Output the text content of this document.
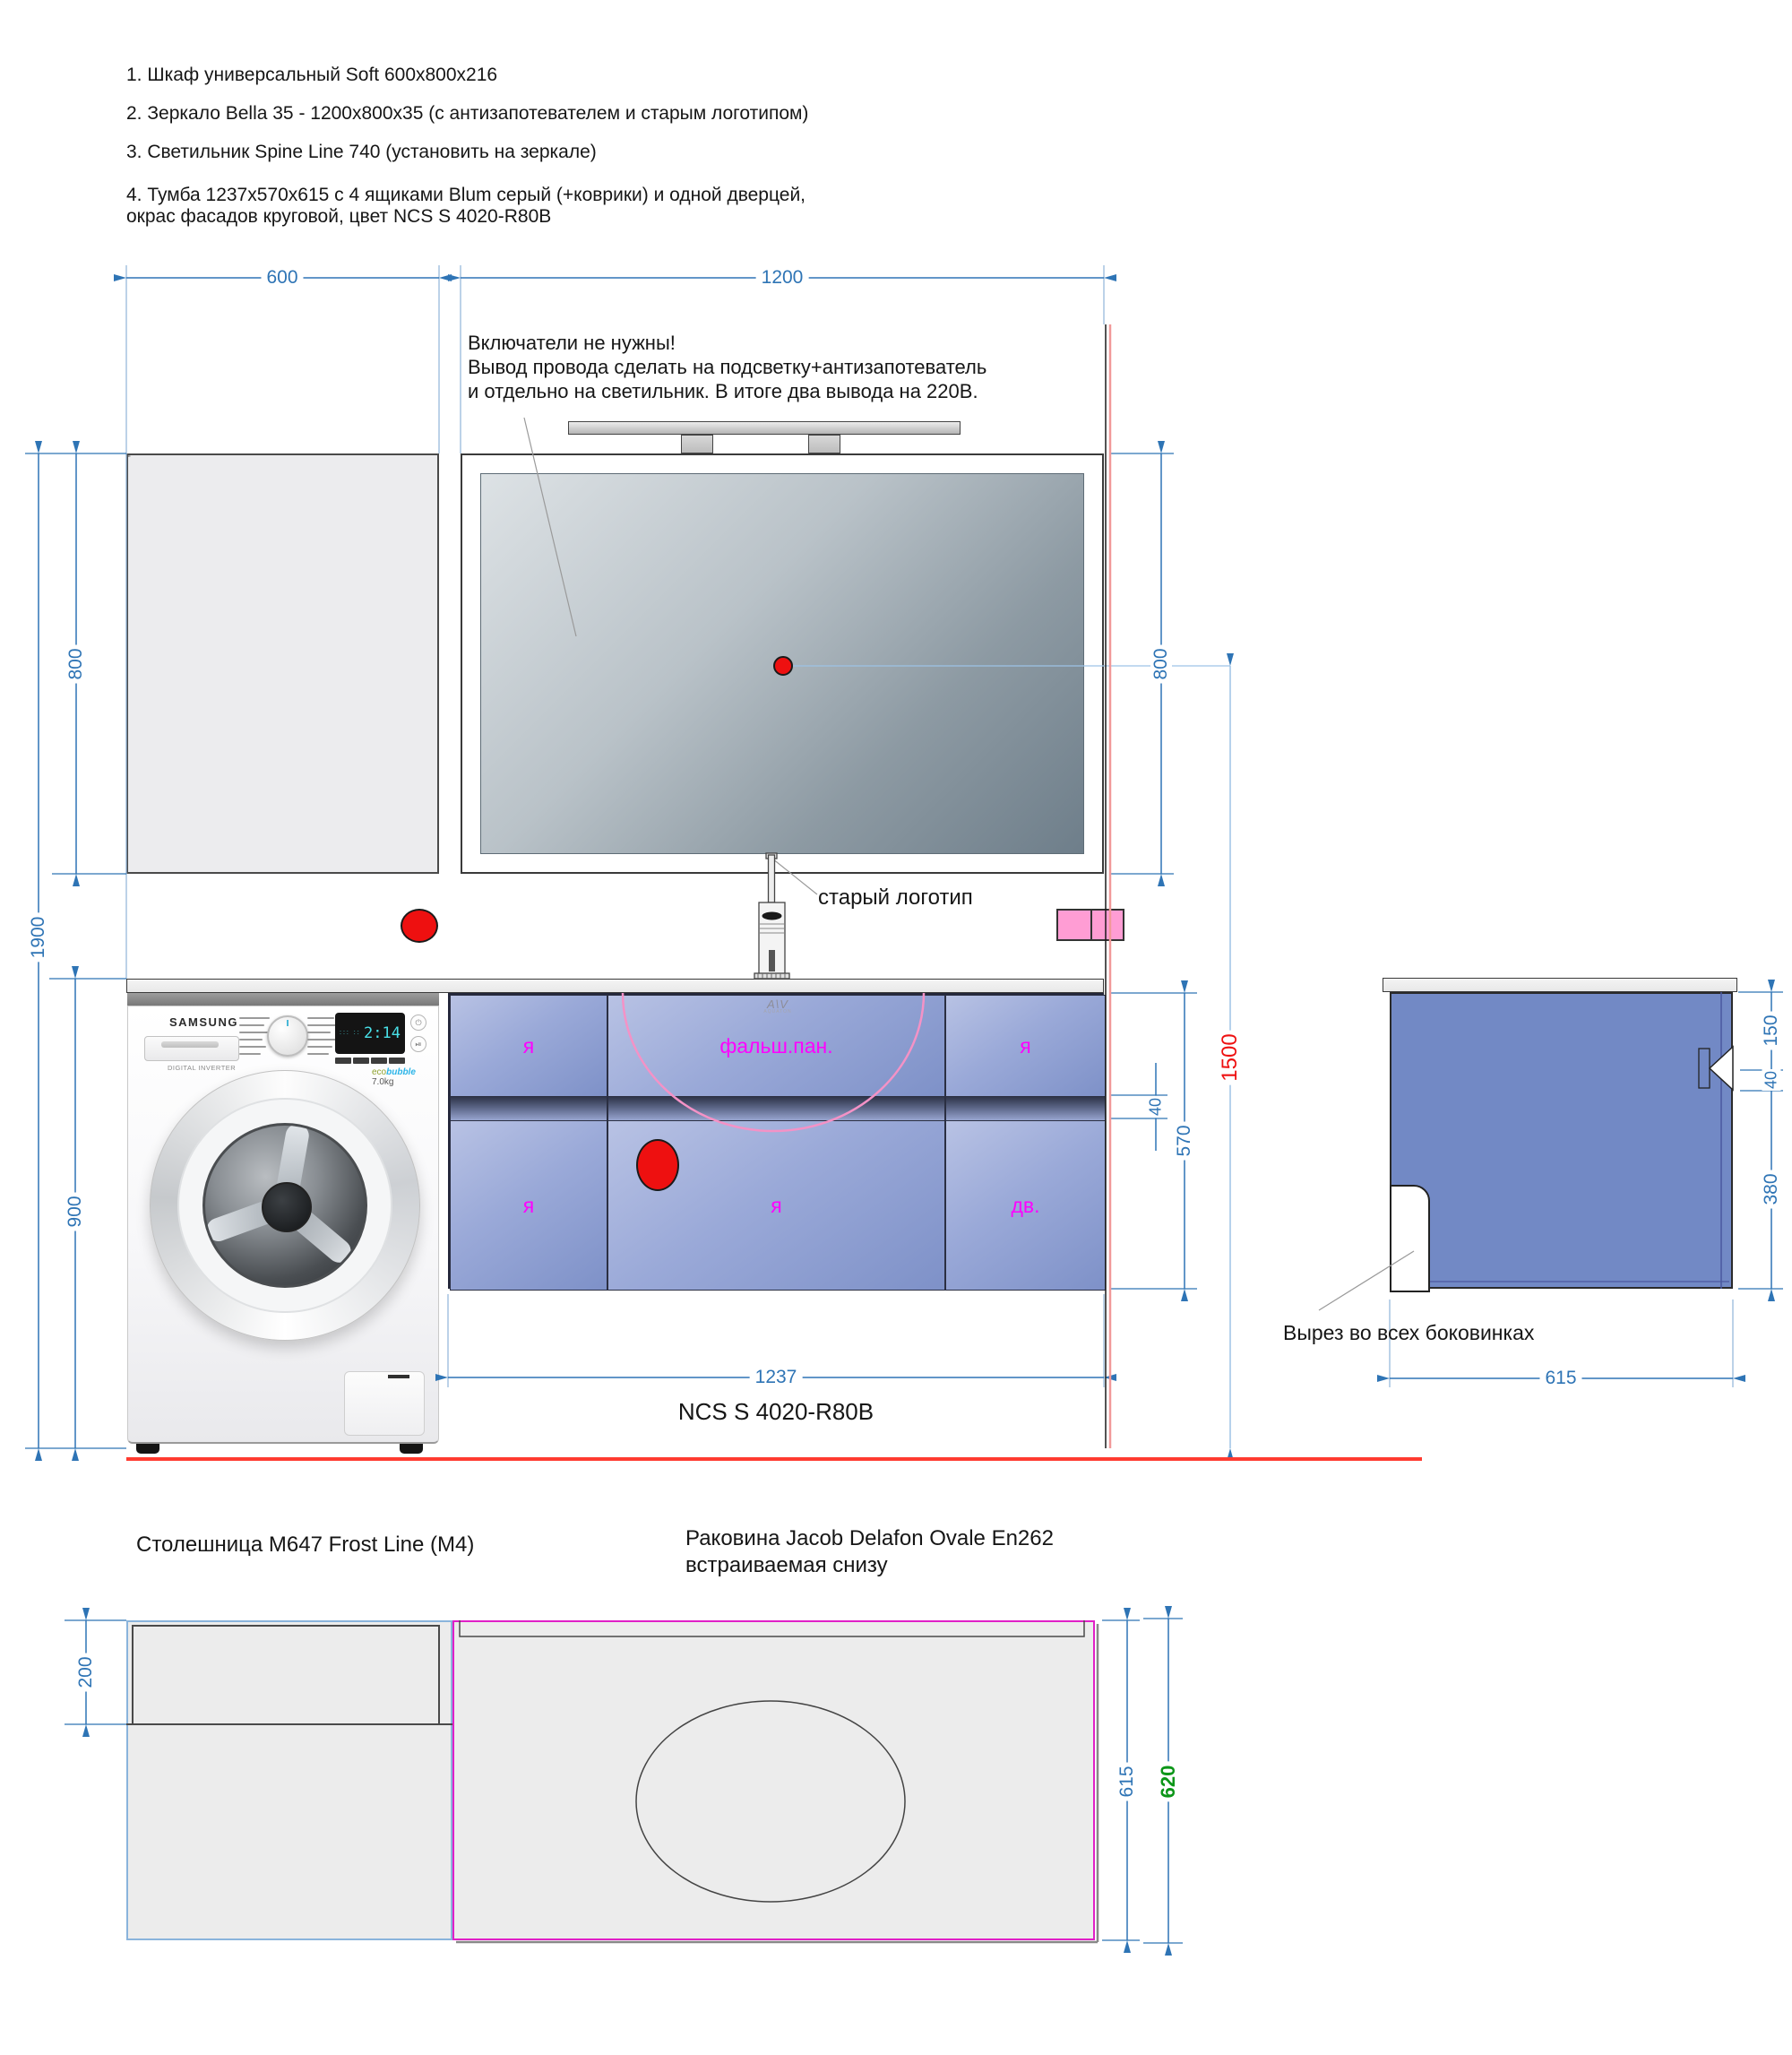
я	фальш.пан.	я
я	я	дв.
A\V
AQUATON
SAMSUNG
DIGITAL INVERTER
::: :: 2:14
⏻
⏯
ecobubble 7.0kg
1. Шкаф универсальный Soft 600х800х216
2. Зеркало Bella 35 - 1200х800х35 (с антизапотевателем и старым логотипом)
3. Светильник Spine Line 740 (установить на зеркале)
4. Тумба 1237х570х615 с 4 ящиками Blum серый (+коврики) и одной дверцей,
окрас фасадов круговой, цвет NCS S 4020-R80B
Включатели не нужны!
Вывод провода сделать на подсветку+антизапотеватель
и отдельно на светильник. В итоге два вывода на 220В.
старый логотип
Вырез во всех боковинках
NCS S 4020-R80B
Столешница M647 Frost Line (M4)	Раковина Jacob Delafon Ovale En262
встраиваемая снизу
600	1200
800
1900
900
800
40
570
1500
1237
150
40
380
615
200
615 620
